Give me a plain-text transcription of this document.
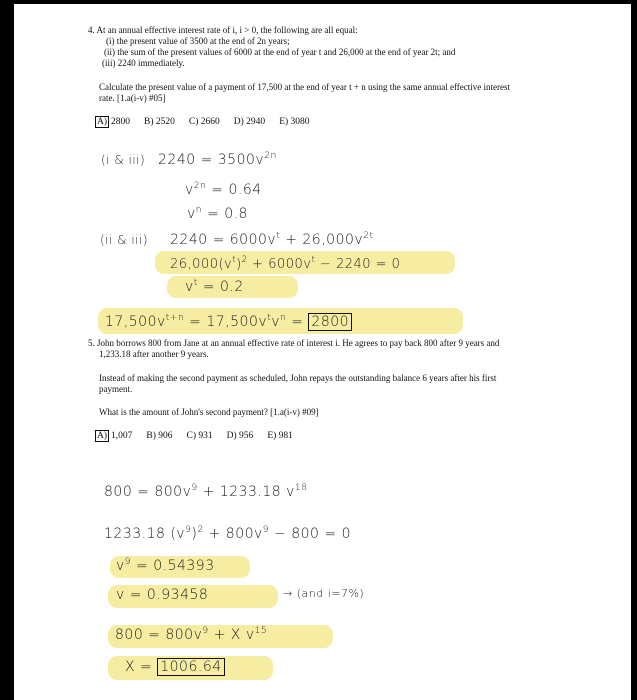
4. At an annual effective interest rate of i, i > 0, the following are all equal:
(i) the present value of 3500 at the end of 2n years;
(ii) the sum of the present values of 6000 at the end of year t and 26,000 at the end of year 2t; and
(iii) 2240 immediately.
Calculate the present value of a payment of 17,500 at the end of year t + n using the same annual effective interest
rate. [1.a(i-v) #05]
A) 2800 B) 2520 C) 2660 D) 2940 E) 3080
(i & iii) $2240 = 3500v^{2n}$
$v^{2n} = 0.64$
$v^n = 0.8$
(ii & iii) $2240 = 6000v^t + 26,000v^{2t}$
$26,000(v^t)^2 + 6000v^t - 2240 = 0$
$v^t = 0.2$
$17,500v^{t+n} = 17,500v^tv^n = 2800$
5. John borrows 800 from Jane at an annual effective rate of interest i. He agrees to pay back 800 after 9 years and
1,233.18 after another 9 years.
Instead of making the second payment as scheduled, John repays the outstanding balance 6 years after his first
payment.
What is the amount of John's second payment? [1.a(i-v) #09]
A) 1,007 B) 906 C) 931 D) 956 E) 981
$800 = 800v^9 + 1233.18$ $v^{18}$
1233.18 $(v^9)^2 + 800v^9 - 800 = 0$
$v^9 = 0.54393$
v = 0.93458	→ (and i=7%)
$800 = 800v^9 + X$ $v^{15}$
X = 1006.64
